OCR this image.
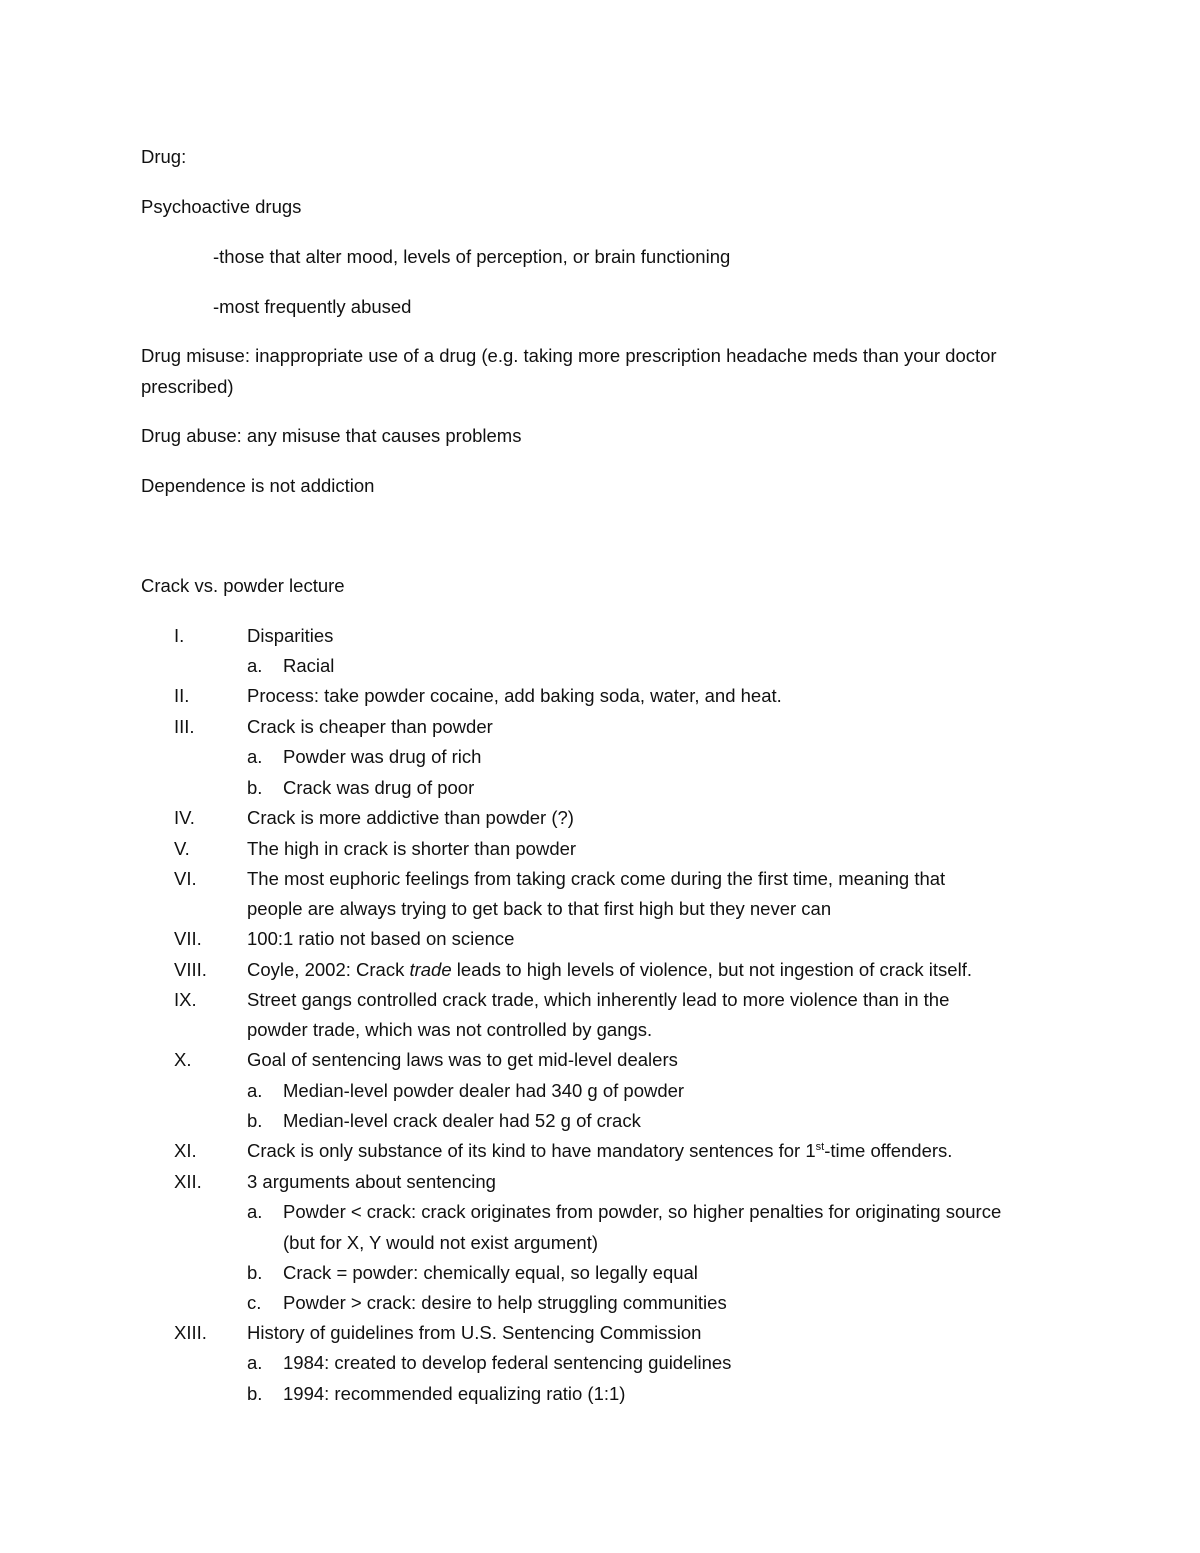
Drug:
Psychoactive drugs
-those that alter mood, levels of perception, or brain functioning
-most frequently abused
Drug misuse: inappropriate use of a drug (e.g. taking more prescription headache meds than your doctor
prescribed)
Drug abuse: any misuse that causes problems
Dependence is not addiction
Crack vs. powder lecture
I.	Disparities
a.	Racial
II.	Process: take powder cocaine, add baking soda, water, and heat.
III.	Crack is cheaper than powder
a.	Powder was drug of rich
b.	Crack was drug of poor
IV.	Crack is more addictive than powder (?)
V.	The high in crack is shorter than powder
VI.	The most euphoric feelings from taking crack come during the first time, meaning that
people are always trying to get back to that first high but they never can
VII.	100:1 ratio not based on science
VIII.	Coyle, 2002: Crack trade leads to high levels of violence, but not ingestion of crack itself.
IX.	Street gangs controlled crack trade, which inherently lead to more violence than in the
powder trade, which was not controlled by gangs.
X.	Goal of sentencing laws was to get mid-level dealers
a.	Median-level powder dealer had 340 g of powder
b.	Median-level crack dealer had 52 g of crack
XI.	Crack is only substance of its kind to have mandatory sentences for 1st-time offenders.
XII.	3 arguments about sentencing
a.	Powder < crack: crack originates from powder, so higher penalties for originating source
(but for X, Y would not exist argument)
b.	Crack = powder: chemically equal, so legally equal
c.	Powder > crack: desire to help struggling communities
XIII.	History of guidelines from U.S. Sentencing Commission
a.	1984: created to develop federal sentencing guidelines
b.	1994: recommended equalizing ratio (1:1)
